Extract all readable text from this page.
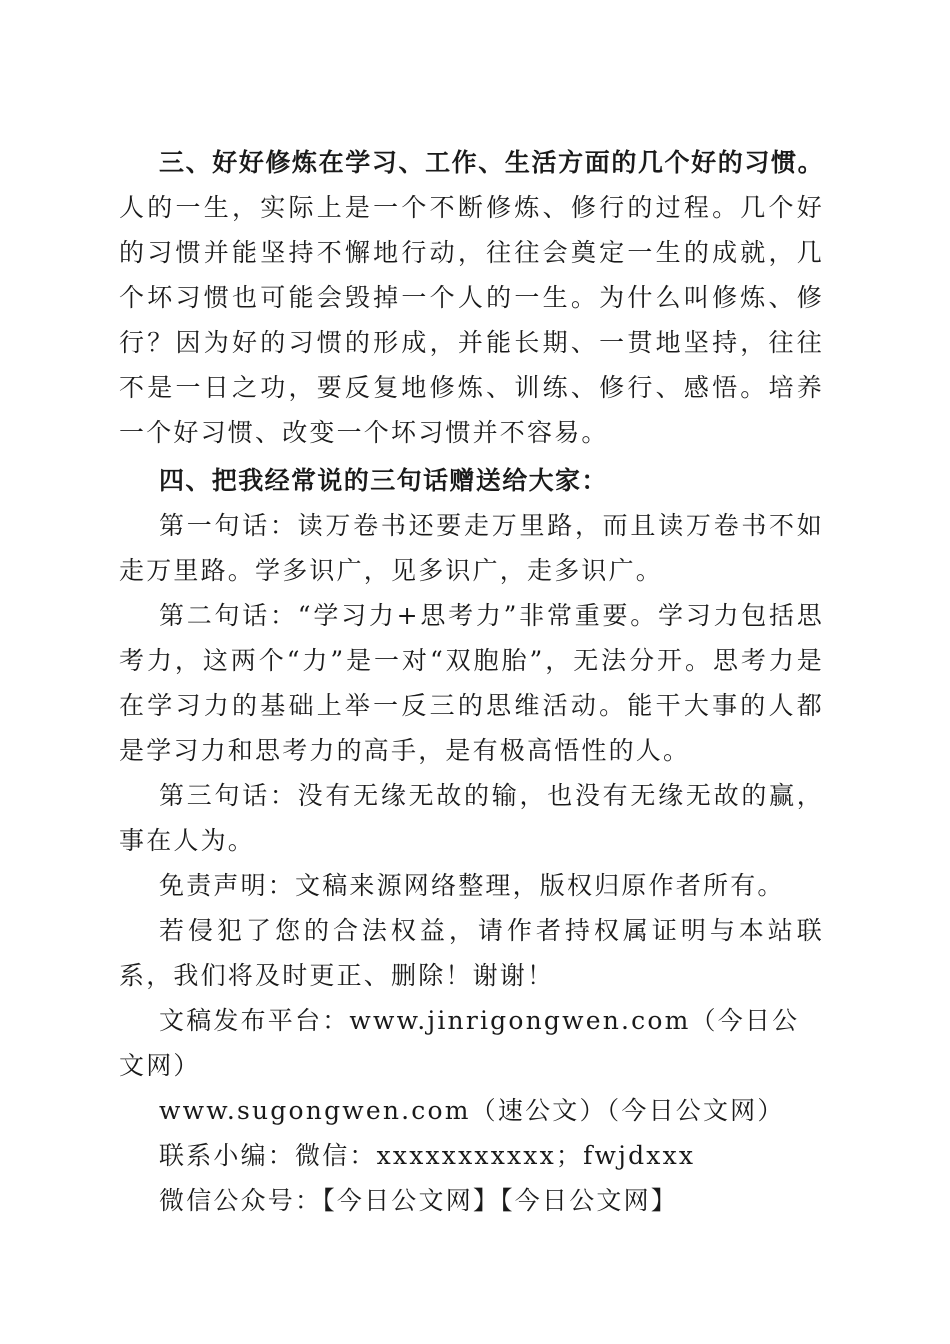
三、好好修炼在学习、工作、生活方面的几个好的习惯。人的一生，实际上是一个不断修炼、修行的过程。几个好的习惯并能坚持不懈地行动，往往会奠定一生的成就，几个坏习惯也可能会毁掉一个人的一生。为什么叫修炼、修行？因为好的习惯的形成，并能长期、一贯地坚持，往往不是一日之功，要反复地修炼、训练、修行、感悟。培养一个好习惯、改变一个坏习惯并不容易。

四、把我经常说的三句话赠送给大家：

第一句话：读万卷书还要走万里路，而且读万卷书不如走万里路。学多识广，见多识广，走多识广。

第二句话：“学习力+思考力”非常重要。学习力包括思考力，这两个“力”是一对“双胞胎”，无法分开。思考力是在学习力的基础上举一反三的思维活动。能干大事的人都是学习力和思考力的高手，是有极高悟性的人。

第三句话：没有无缘无故的输，也没有无缘无故的赢，事在人为。

免责声明：文稿来源网络整理，版权归原作者所有。

若侵犯了您的合法权益，请作者持权属证明与本站联系，我们将及时更正、删除！谢谢！

文稿发布平台：www.jinrigongwen.com（今日公文网）

www.sugongwen.com（速公文）（今日公文网）

联系小编：微信：xxxxxxxxxxx；fwjdxxx

微信公众号：【今日公文网】【今日公文网】
